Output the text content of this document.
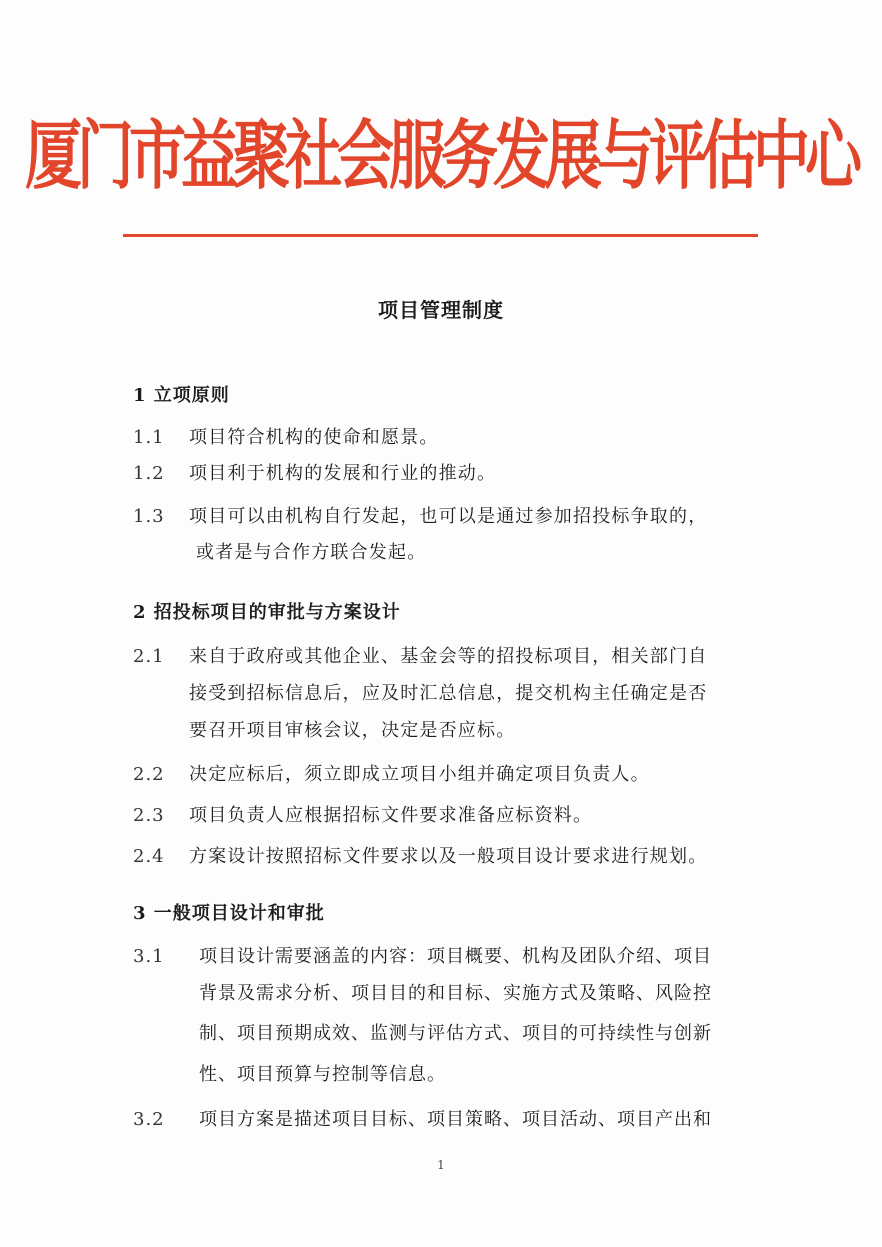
厦门市益聚社会服务发展与评估中心
项目管理制度
1 立项原则
1.1 项目符合机构的使命和愿景。
1.2 项目利于机构的发展和行业的推动。
1.3 项目可以由机构自行发起，也可以是通过参加招投标争取的，
或者是与合作方联合发起。
2 招投标项目的审批与方案设计
2.1 来自于政府或其他企业、基金会等的招投标项目，相关部门自
接受到招标信息后，应及时汇总信息，提交机构主任确定是否
要召开项目审核会议，决定是否应标。
2.2 决定应标后，须立即成立项目小组并确定项目负责人。
2.3 项目负责人应根据招标文件要求准备应标资料。
2.4 方案设计按照招标文件要求以及一般项目设计要求进行规划。
3 一般项目设计和审批
3.1 项目设计需要涵盖的内容：项目概要、机构及团队介绍、项目
背景及需求分析、项目目的和目标、实施方式及策略、风险控
制、项目预期成效、监测与评估方式、项目的可持续性与创新
性、项目预算与控制等信息。
3.2 项目方案是描述项目目标、项目策略、项目活动、项目产出和
1
